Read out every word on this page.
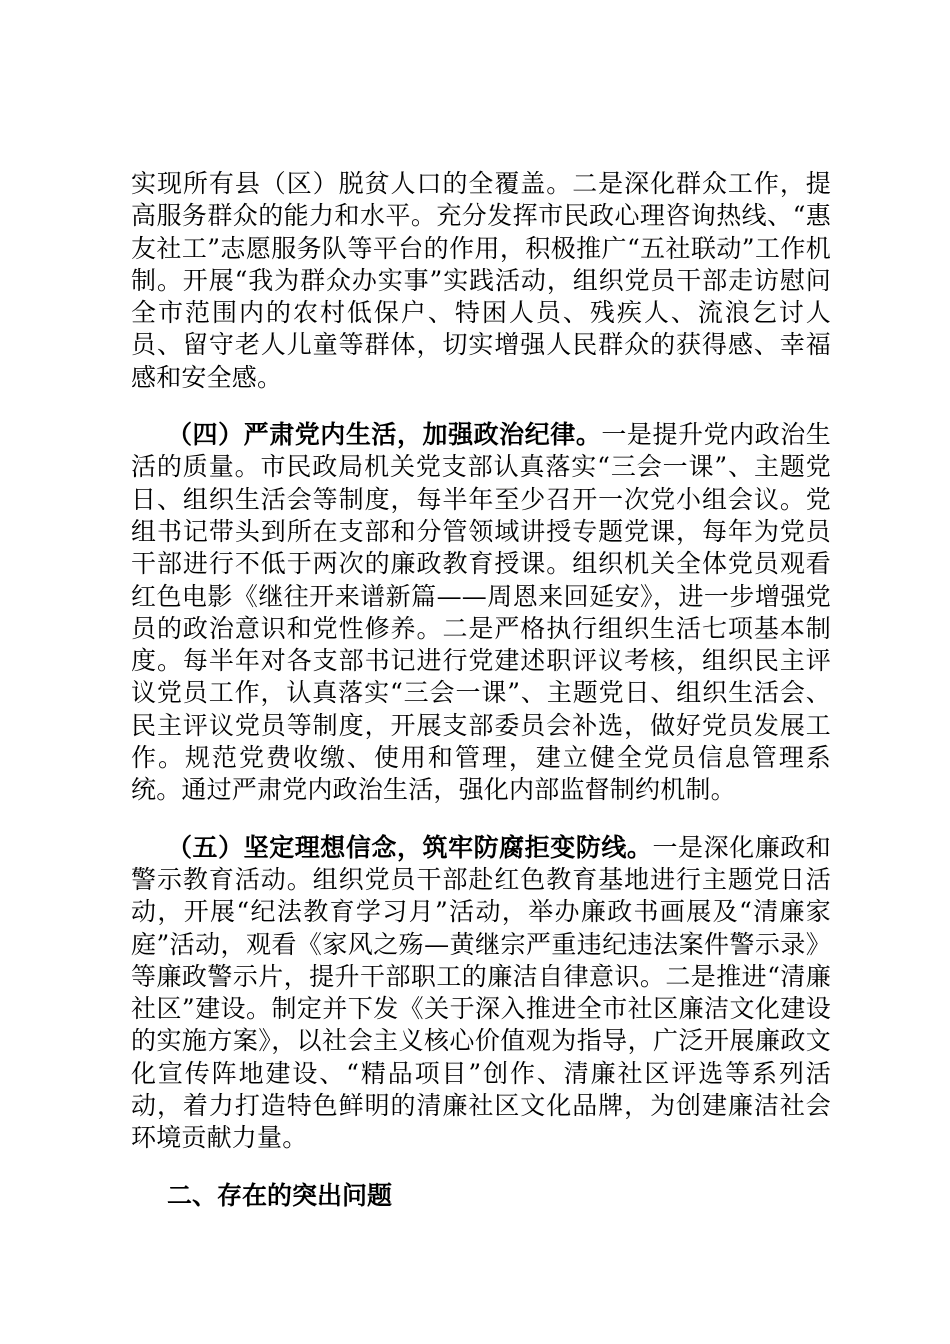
实现所有县（区）脱贫人口的全覆盖。二是深化群众工作，提高服务群众的能力和水平。充分发挥市民政心理咨询热线、“惠友社工”志愿服务队等平台的作用，积极推广“五社联动”工作机制。开展“我为群众办实事”实践活动，组织党员干部走访慰问全市范围内的农村低保户、特困人员、残疾人、流浪乞讨人员、留守老人儿童等群体，切实增强人民群众的获得感、幸福感和安全感。

（四）严肃党内生活，加强政治纪律。一是提升党内政治生活的质量。市民政局机关党支部认真落实“三会一课”、主题党日、组织生活会等制度，每半年至少召开一次党小组会议。党组书记带头到所在支部和分管领域讲授专题党课，每年为党员干部进行不低于两次的廉政教育授课。组织机关全体党员观看红色电影《继往开来谱新篇——周恩来回延安》，进一步增强党员的政治意识和党性修养。二是严格执行组织生活七项基本制度。每半年对各支部书记进行党建述职评议考核，组织民主评议党员工作，认真落实“三会一课”、主题党日、组织生活会、民主评议党员等制度，开展支部委员会补选，做好党员发展工作。规范党费收缴、使用和管理，建立健全党员信息管理系统。通过严肃党内政治生活，强化内部监督制约机制。

（五）坚定理想信念，筑牢防腐拒变防线。一是深化廉政和警示教育活动。组织党员干部赴红色教育基地进行主题党日活动，开展“纪法教育学习月”活动，举办廉政书画展及“清廉家庭”活动，观看《家风之殇—黄继宗严重违纪违法案件警示录》等廉政警示片，提升干部职工的廉洁自律意识。二是推进“清廉社区”建设。制定并下发《关于深入推进全市社区廉洁文化建设的实施方案》，以社会主义核心价值观为指导，广泛开展廉政文化宣传阵地建设、“精品项目”创作、清廉社区评选等系列活动，着力打造特色鲜明的清廉社区文化品牌，为创建廉洁社会环境贡献力量。

二、存在的突出问题
